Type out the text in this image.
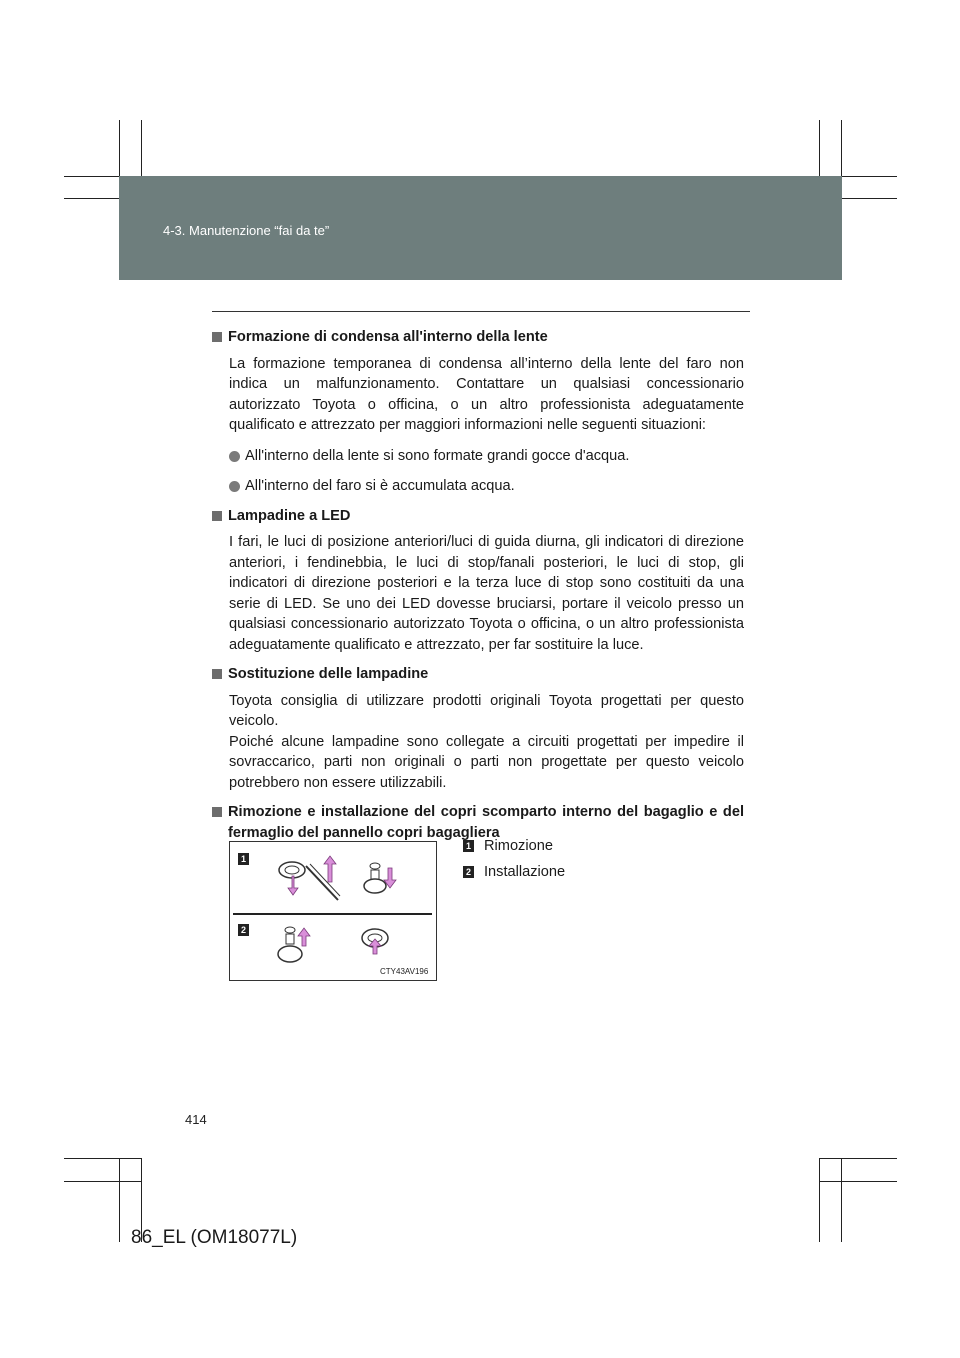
4-3. Manutenzione “fai da te”
Formazione di condensa all'interno della lente
La formazione temporanea di condensa all’interno della lente del faro non indica un malfunzionamento. Contattare un qualsiasi concessionario autorizzato Toyota o officina, o un altro professionista adeguatamente qualificato e attrezzato per maggiori informazioni nelle seguenti situazioni:
All'interno della lente si sono formate grandi gocce d'acqua.
All'interno del faro si è accumulata acqua.
Lampadine a LED
I fari, le luci di posizione anteriori/luci di guida diurna, gli indicatori di direzione anteriori, i fendinebbia, le luci di stop/fanali posteriori, le luci di stop, gli indicatori di direzione posteriori e la terza luce di stop sono costituiti da una serie di LED. Se uno dei LED dovesse bruciarsi, portare il veicolo presso un qualsiasi concessionario autorizzato Toyota o officina, o un altro professionista adeguatamente qualificato e attrezzato, per far sostituire la luce.
Sostituzione delle lampadine
Toyota consiglia di utilizzare prodotti originali Toyota progettati per questo veicolo.
Poiché alcune lampadine sono collegate a circuiti progettati per impedire il sovraccarico, parti non originali o parti non progettate per questo veicolo potrebbero non essere utilizzabili.
Rimozione e installazione del copri scomparto interno del bagaglio e del fermaglio del pannello copri bagagliera
1
2
CTY43AV196
1 Rimozione
2 Installazione
414
86_EL (OM18077L)
